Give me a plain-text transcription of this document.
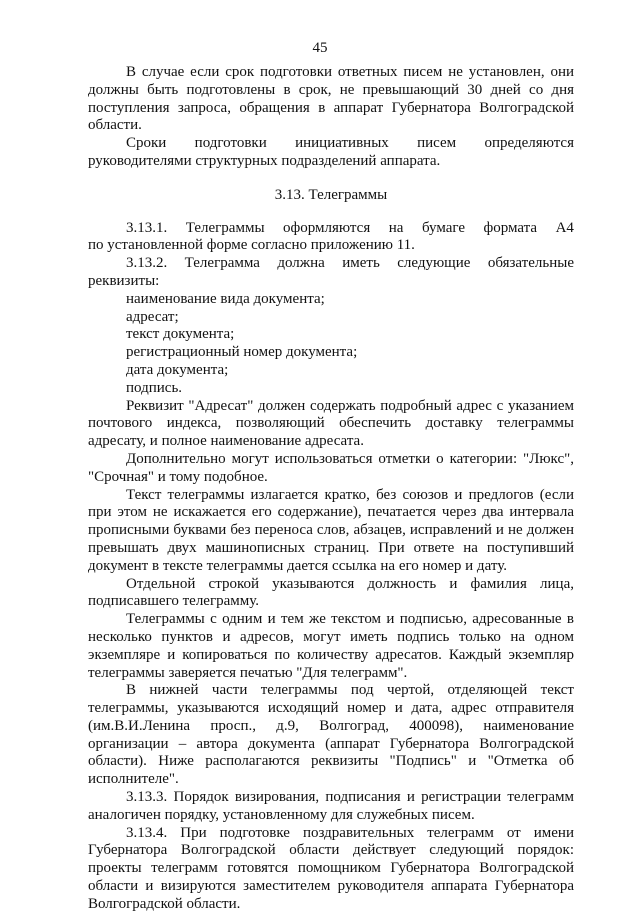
45

В случае если срок подготовки ответных писем не установлен, они должны быть подготовлены в срок, не превышающий 30 дней со дня поступления запроса, обращения в аппарат Губернатора Волгоградской области.

Сроки подготовки инициативных писем определяются руководителями структурных подразделений аппарата.

3.13. Телеграммы
3.13.1. Телеграммы оформляются на бумаге формата А4

по установленной форме согласно приложению 11.

3.13.2. Телеграмма должна иметь следующие обязательные реквизиты:

наименование вида документа;

адресат;

текст документа;

регистрационный номер документа;

дата документа;

подпись.

Реквизит "Адресат" должен содержать подробный адрес с указанием почтового индекса, позволяющий обеспечить доставку телеграммы адресату, и полное наименование адресата.

Дополнительно могут использоваться отметки о категории: "Люкс", "Срочная" и тому подобное.

Текст телеграммы излагается кратко, без союзов и предлогов (если при этом не искажается его содержание), печатается через два интервала прописными буквами без переноса слов, абзацев, исправлений и не должен превышать двух машинописных страниц. При ответе на поступивший документ в тексте телеграммы дается ссылка на его номер и дату.

Отдельной строкой указываются должность и фамилия лица, подписавшего телеграмму.

Телеграммы с одним и тем же текстом и подписью, адресованные в несколько пунктов и адресов, могут иметь подпись только на одном экземпляре и копироваться по количеству адресатов. Каждый экземпляр телеграммы заверяется печатью "Для телеграмм".

В нижней части телеграммы под чертой, отделяющей текст телеграммы, указываются исходящий номер и дата, адрес отправителя (им.В.И.Ленина просп., д.9, Волгоград, 400098), наименование организации – автора документа (аппарат Губернатора Волгоградской области). Ниже располагаются реквизиты "Подпись" и "Отметка об исполнителе".

3.13.3. Порядок визирования, подписания и регистрации телеграмм аналогичен порядку, установленному для служебных писем.

3.13.4. При подготовке поздравительных телеграмм от имени Губернатора Волгоградской области действует следующий порядок: проекты телеграмм готовятся помощником Губернатора Волгоградской области и визируются заместителем руководителя аппарата Губернатора Волгоградской области.
